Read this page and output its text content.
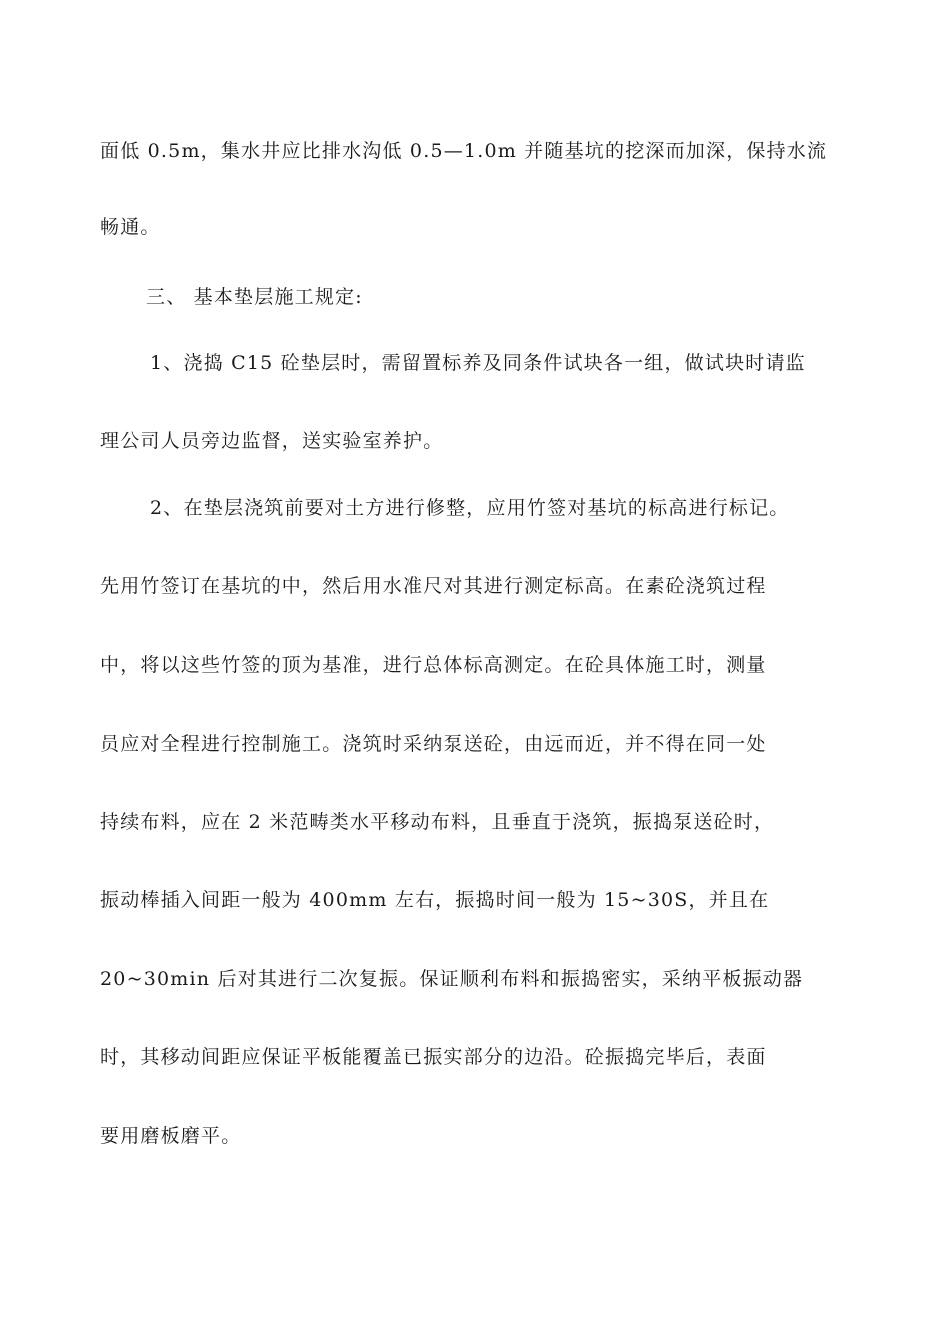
面低 0.5m，集水井应比排水沟低 0.5—1.0m 并随基坑的挖深而加深，保持水流
畅通。
三、 基本垫层施工规定:
1、浇捣 C15 砼垫层时，需留置标养及同条件试块各一组，做试块时请监
理公司人员旁边监督，送实验室养护。
2、在垫层浇筑前要对土方进行修整，应用竹签对基坑的标高进行标记。
先用竹签订在基坑的中，然后用水准尺对其进行测定标高。在素砼浇筑过程
中，将以这些竹签的顶为基准，进行总体标高测定。在砼具体施工时，测量
员应对全程进行控制施工。浇筑时采纳泵送砼，由远而近，并不得在同一处
持续布料，应在 2 米范畴类水平移动布料，且垂直于浇筑，振捣泵送砼时，
振动棒插入间距一般为 400mm 左右，振捣时间一般为 15~30S，并且在
20~30min 后对其进行二次复振。保证顺利布料和振捣密实，采纳平板振动器
时，其移动间距应保证平板能覆盖已振实部分的边沿。砼振捣完毕后，表面
要用磨板磨平。
